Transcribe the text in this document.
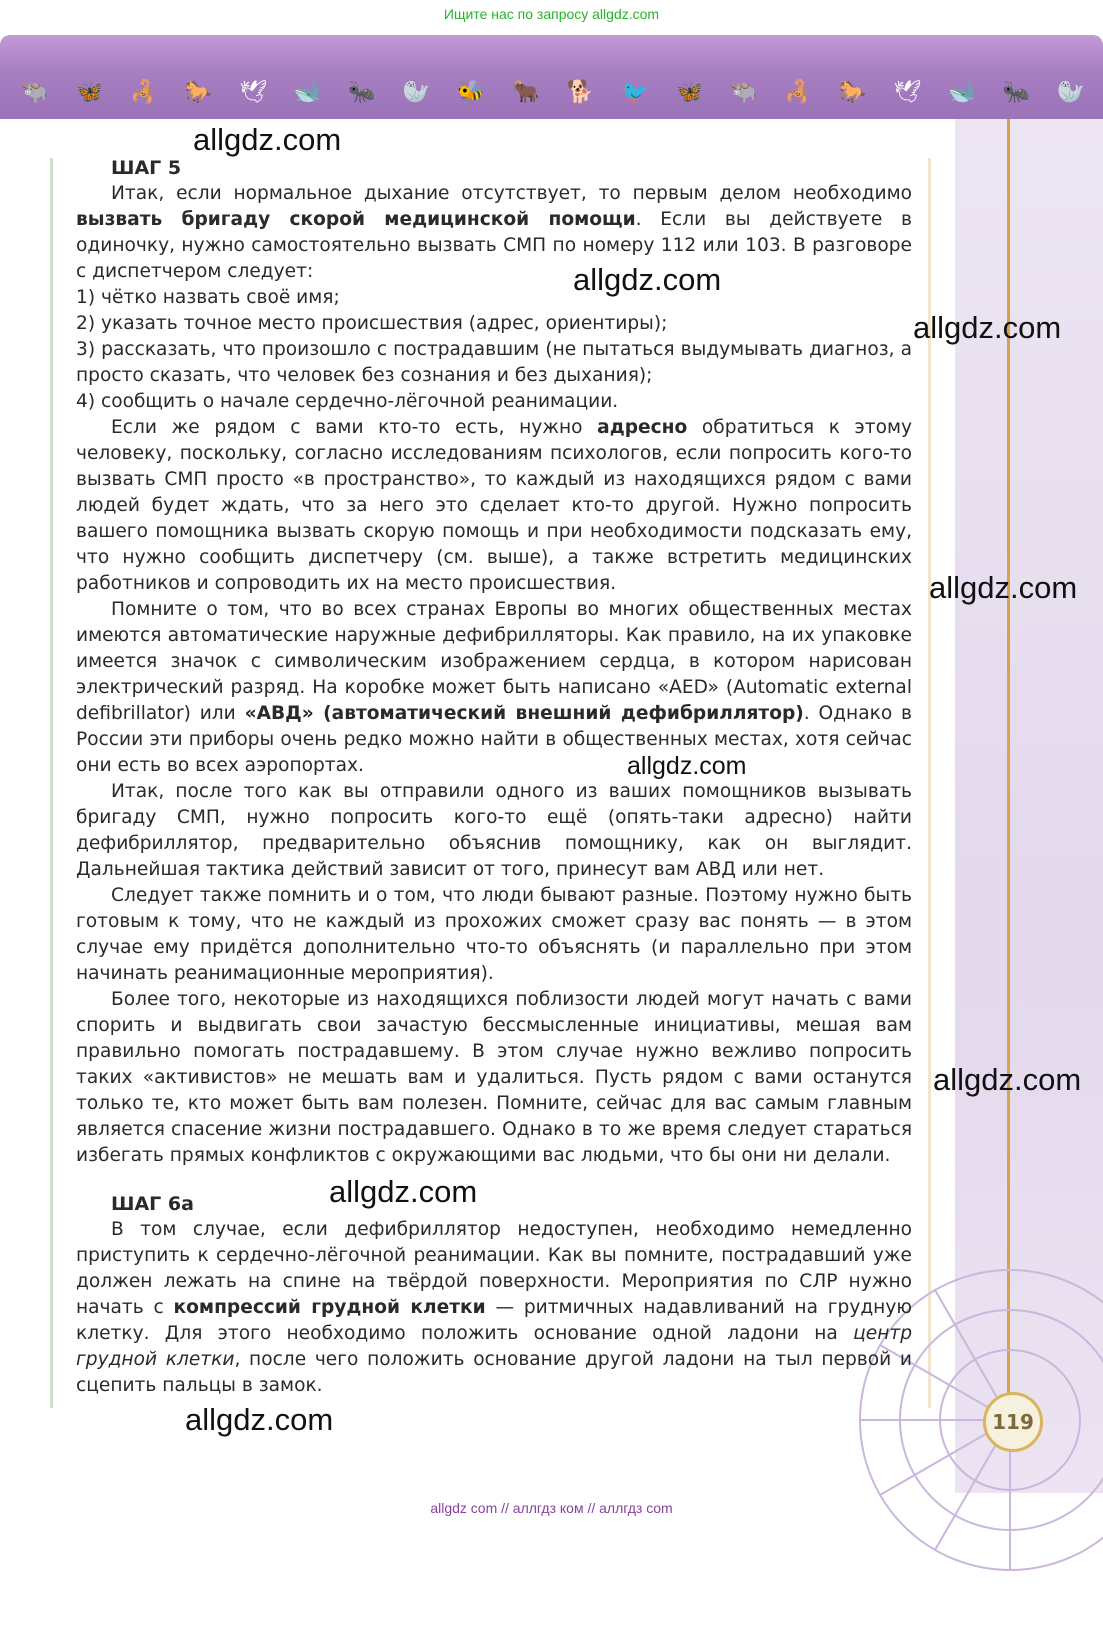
Ищите нас по запросу allgdz.com
🐃 🦋 🦂 🐎 🕊 🐋 🐜 🦭 🐝 🐂 🐕 🐦 🦋 🐃 🦂 🐎 🕊 🐋 🐜 🦭
119
ШАГ 5

Итак, если нормальное дыхание отсутствует, то первым делом необходимо вызвать бригаду скорой медицинской помощи. Если вы действуете в одиночку, нужно самостоятельно вызвать СМП по номеру 112 или 103. В разговоре с диспетчером следует:

1) чётко назвать своё имя;

2) указать точное место происшествия (адрес, ориентиры);

3) рассказать, что произошло с пострадавшим (не пытаться выдумывать диагноз, а просто сказать, что человек без сознания и без дыхания);

4) сообщить о начале сердечно-лёгочной реанимации.

Если же рядом с вами кто-то есть, нужно адресно обратиться к этому человеку, поскольку, согласно исследованиям психологов, если попросить кого-то вызвать СМП просто «в пространство», то каждый из находящихся рядом с вами людей будет ждать, что за него это сделает кто-то другой. Нужно попросить вашего помощника вызвать скорую помощь и при необходимости подсказать ему, что нужно сообщить диспетчеру (см. выше), а также встретить медицинских работников и сопроводить их на место происшествия.

Помните о том, что во всех странах Европы во многих общественных местах имеются автоматические наружные дефибрилляторы. Как правило, на их упаковке имеется значок с символическим изображением сердца, в котором нарисован электрический разряд. На коробке может быть написано «AED» (Automatic external defibrillator) или «АВД» (автоматический внешний дефибриллятор). Однако в России эти приборы очень редко можно найти в общественных местах, хотя сейчас они есть во всех аэропортах.

Итак, после того как вы отправили одного из ваших помощников вызывать бригаду СМП, нужно попросить кого-то ещё (опять-таки адресно) найти дефибриллятор, предварительно объяснив помощнику, как он выглядит. Дальнейшая тактика действий зависит от того, принесут вам АВД или нет.

Следует также помнить и о том, что люди бывают разные. Поэтому нужно быть готовым к тому, что не каждый из прохожих сможет сразу вас понять — в этом случае ему придётся дополнительно что-то объяснять (и параллельно при этом начинать реанимационные мероприятия).

Более того, некоторые из находящихся поблизости людей могут начать с вами спорить и выдвигать свои зачастую бессмысленные инициативы, мешая вам правильно помогать пострадавшему. В этом случае нужно вежливо попросить таких «активистов» не мешать вам и удалиться. Пусть рядом с вами останутся только те, кто может быть вам полезен. Помните, сейчас для вас самым главным является спасение жизни пострадавшего. Однако в то же время следует стараться избегать прямых конфликтов с окружающими вас людьми, что бы они ни делали.

ШАГ 6а

В том случае, если дефибриллятор недоступен, необходимо немедленно приступить к сердечно-лёгочной реанимации. Как вы помните, пострадавший уже должен лежать на спине на твёрдой поверхности. Мероприятия по СЛР нужно начать с компрессий грудной клетки — ритмичных надавливаний на грудную клетку. Для этого необходимо положить основание одной ладони на центр грудной клетки, после чего положить основание другой ладони на тыл первой и сцепить пальцы в замок.

allgdz.com
allgdz.com
allgdz.com
allgdz.com
allgdz.com
allgdz.com
allgdz.com
allgdz.com
allgdz com // аллгдз ком // аллгдз com
